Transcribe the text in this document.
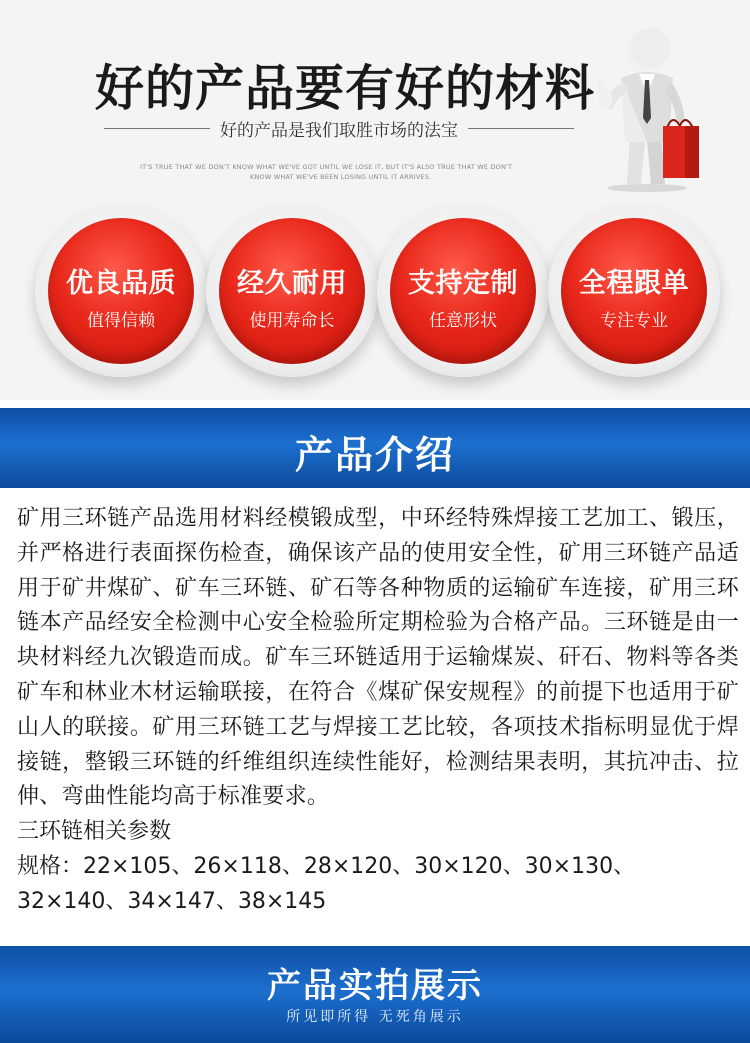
好的产品要有好的材料
好的产品是我们取胜市场的法宝
IT'S TRUE THAT WE DON'T KNOW WHAT WE'VE GOT UNTIL WE LOSE IT, BUT IT'S ALSO TRUE THAT WE DON'T
KNOW WHAT WE'VE BEEN LOSING UNTIL IT ARRIVES.
优良品质
值得信赖
经久耐用
使用寿命长
支持定制
任意形状
全程跟单
专注专业
产品介绍
矿用三环链产品选用材料经模锻成型，中环经特殊焊接工艺加工、锻压，并严格进行表面探伤检查，确保该产品的使用安全性，矿用三环链产品适用于矿井煤矿、矿车三环链、矿石等各种物质的运输矿车连接，矿用三环链本产品经安全检测中心安全检验所定期检验为合格产品。三环链是由一块材料经九次锻造而成。矿车三环链适用于运输煤炭、矸石、物料等各类矿车和林业木材运输联接，在符合《煤矿保安规程》的前提下也适用于矿山人的联接。矿用三环链工艺与焊接工艺比较，各项技术指标明显优于焊接链，整锻三环链的纤维组织连续性能好，检测结果表明，其抗冲击、拉伸、弯曲性能均高于标准要求。
三环链相关参数
规格：22×105、26×118、28×120、30×120、30×130、
32×140、34×147、38×145
产品实拍展示
所见即所得 无死角展示
